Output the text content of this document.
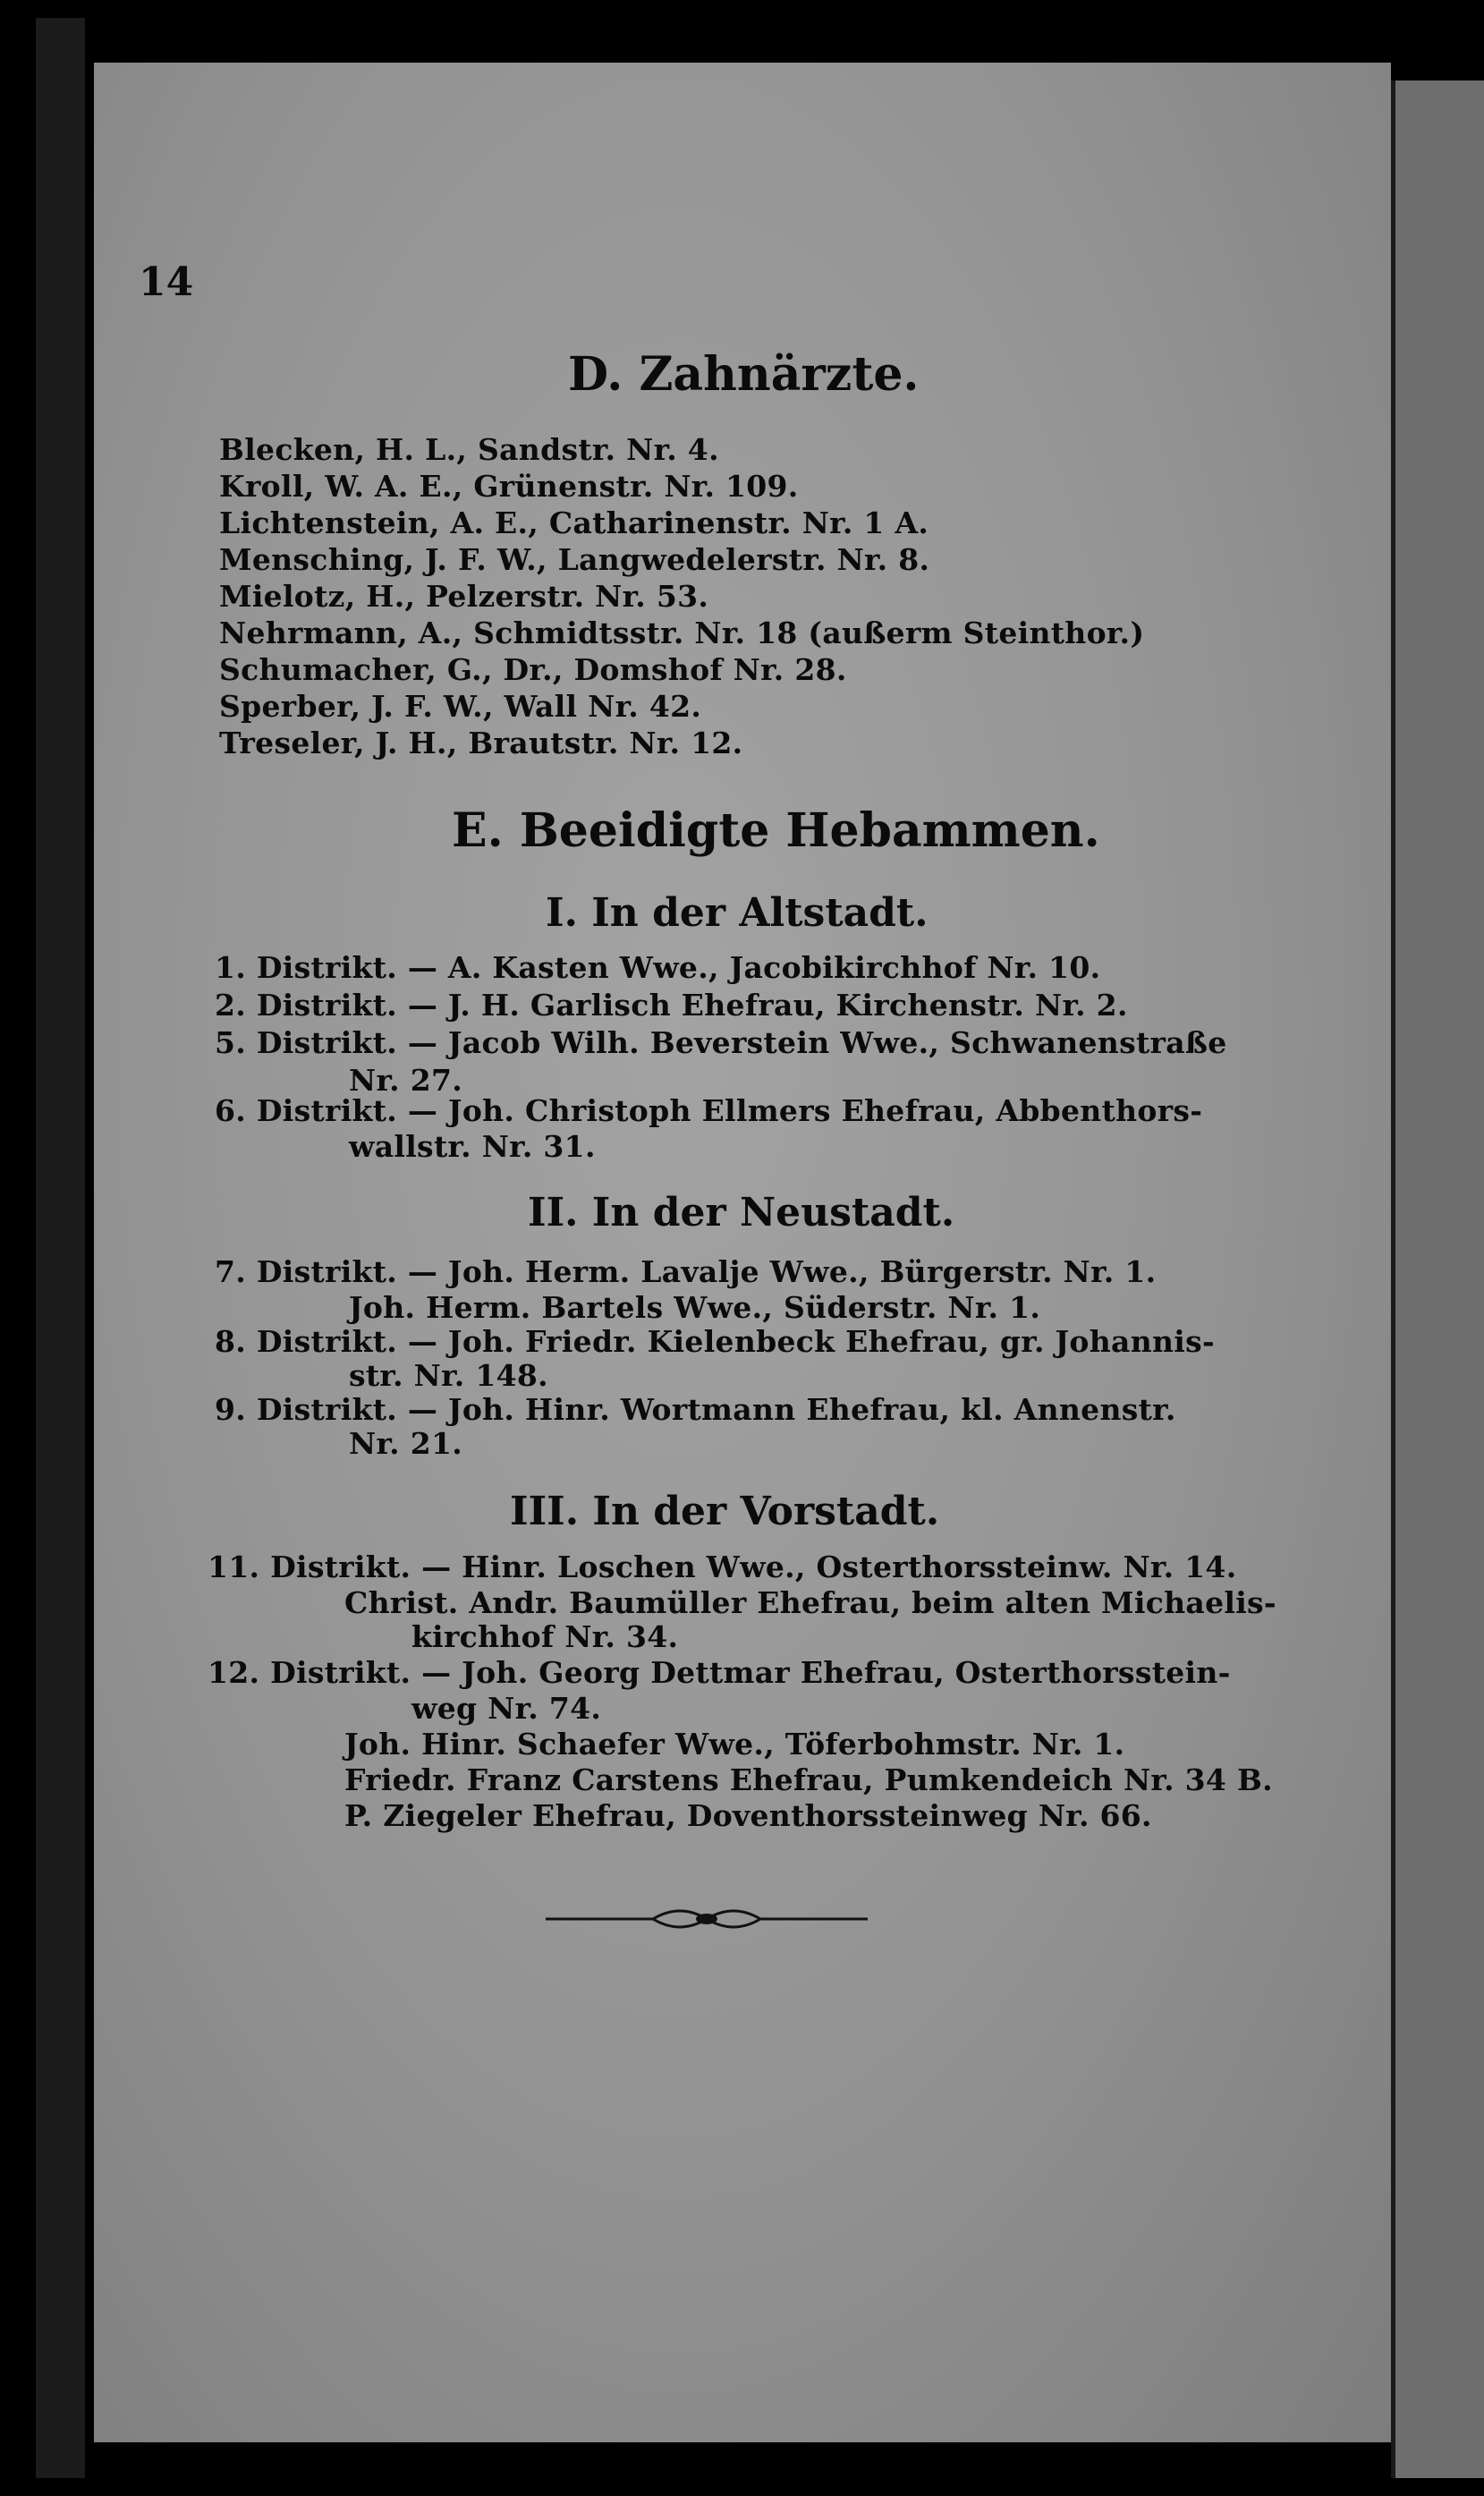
14
D. Zahnärzte.
Blecken, H. L., Sandstr. Nr. 4.
Kroll, W. A. E., Grünenstr. Nr. 109.
Lichtenstein, A. E., Catharinenstr. Nr. 1 A.
Mensching, J. F. W., Langwedelerstr. Nr. 8.
Mielotz, H., Pelzerstr. Nr. 53.
Nehrmann, A., Schmidtsstr. Nr. 18 (außerm Steinthor.)
Schumacher, G., Dr., Domshof Nr. 28.
Sperber, J. F. W., Wall Nr. 42.
Treseler, J. H., Brautstr. Nr. 12.
E. Beeidigte Hebammen.
I. In der Altstadt.
1. Distrikt. — A. Kasten Wwe., Jacobikirchhof Nr. 10.
2. Distrikt. — J. H. Garlisch Ehefrau, Kirchenstr. Nr. 2.
5. Distrikt. — Jacob Wilh. Beverstein Wwe., Schwanenstraße
Nr. 27.
6. Distrikt. — Joh. Christoph Ellmers Ehefrau, Abbenthors-
wallstr. Nr. 31.
II. In der Neustadt.
7. Distrikt. — Joh. Herm. Lavalje Wwe., Bürgerstr. Nr. 1.
Joh. Herm. Bartels Wwe., Süderstr. Nr. 1.
8. Distrikt. — Joh. Friedr. Kielenbeck Ehefrau, gr. Johannis-
str. Nr. 148.
9. Distrikt. — Joh. Hinr. Wortmann Ehefrau, kl. Annenstr.
Nr. 21.
III. In der Vorstadt.
11. Distrikt. — Hinr. Loschen Wwe., Osterthorssteinw. Nr. 14.
Christ. Andr. Baumüller Ehefrau, beim alten Michaelis-
kirchhof Nr. 34.
12. Distrikt. — Joh. Georg Dettmar Ehefrau, Osterthorsstein-
weg Nr. 74.
Joh. Hinr. Schaefer Wwe., Töferbohmstr. Nr. 1.
Friedr. Franz Carstens Ehefrau, Pumkendeich Nr. 34 B.
P. Ziegeler Ehefrau, Doventhorssteinweg Nr. 66.
